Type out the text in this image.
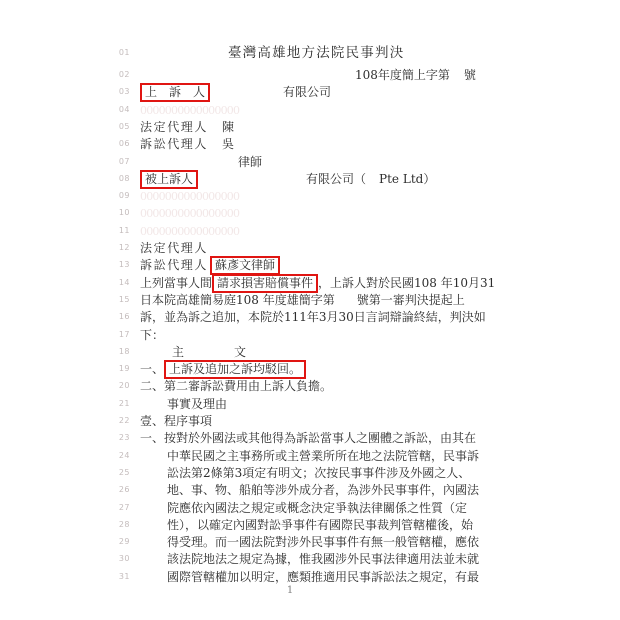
01	臺灣高雄地方法院民事判決
02	108年度簡上字第 號
03	上　訴　人	有限公司
04 0000000000000000
05 法定代理人 陳
06 訴訟代理人 吳
07	律師
08	被上訴人	有限公司（ Pte Ltd）
09 0000000000000000
10 0000000000000000
11 0000000000000000
12 法定代理人
13 訴訟代理人 蘇彥文律師
14 上列當事人間 請求損害賠償事件 ，上訴人對於民國108 年10月31
15 日本院高雄簡易庭108 年度雄簡字第 號第一審判決提起上
16 訴，並為訴之追加，本院於111年3月30日言詞辯論終結，判決如
17 下：
18	主	文
19 一、 上訴及追加之訴均駁回。
20 二、第二審訴訟費用由上訴人負擔。
21	事實及理由
22 壹、程序事項
23 一、按對於外國法或其他得為訴訟當事人之團體之訴訟，由其在
24	中華民國之主事務所或主營業所所在地之法院管轄，民事訴
25	訟法第2條第3項定有明文；次按民事事件涉及外國之人、
26	地、事、物、船舶等涉外成分者，為涉外民事事件，內國法
27	院應依內國法之規定或概念決定爭執法律關係之性質（定
28	性），以確定內國對訟爭事件有國際民事裁判管轄權後，始
29	得受理。而一國法院對涉外民事事件有無一般管轄權，應依
30	該法院地法之規定為據，惟我國涉外民事法律適用法並未就
31	國際管轄權加以明定，應類推適用民事訴訟法之規定，有最
1
